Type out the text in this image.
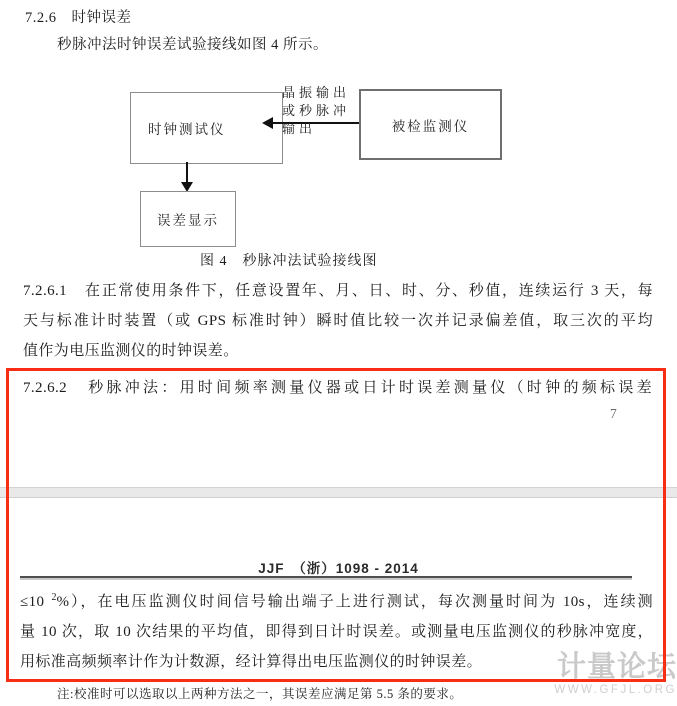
7.2.6　时钟误差
秒脉冲法时钟误差试验接线如图 4 所示。
时钟测试仪	被检监测仪
晶振输出
或秒脉冲
输出
误差显示
图 4　秒脉冲法试验接线图
7.2.6.1　在正常使用条件下，任意设置年、月、日、时、分、秒值，连续运行 3 天，每
天与标准计时装置（或 GPS 标准时钟）瞬时值比较一次并记录偏差值，取三次的平均
值作为电压监测仪的时钟误差。
7.2.6.2　秒脉冲法：用时间频率测量仪器或日计时误差测量仪（时钟的频标误差
7
JJF　（浙）1098 - 2014
≤10 $^2$%），在电压监测仪时间信号输出端子上进行测试，每次测量时间为 10s，连续测
量 10 次，取 10 次结果的平均值，即得到日计时误差。或测量电压监测仪的秒脉冲宽度，
用标准高频频率计作为计数源，经计算得出电压监测仪的时钟误差。
注:校准时可以选取以上两种方法之一，其误差应满足第 5.5 条的要求。
计量论坛
WWW.GFJL.ORG
